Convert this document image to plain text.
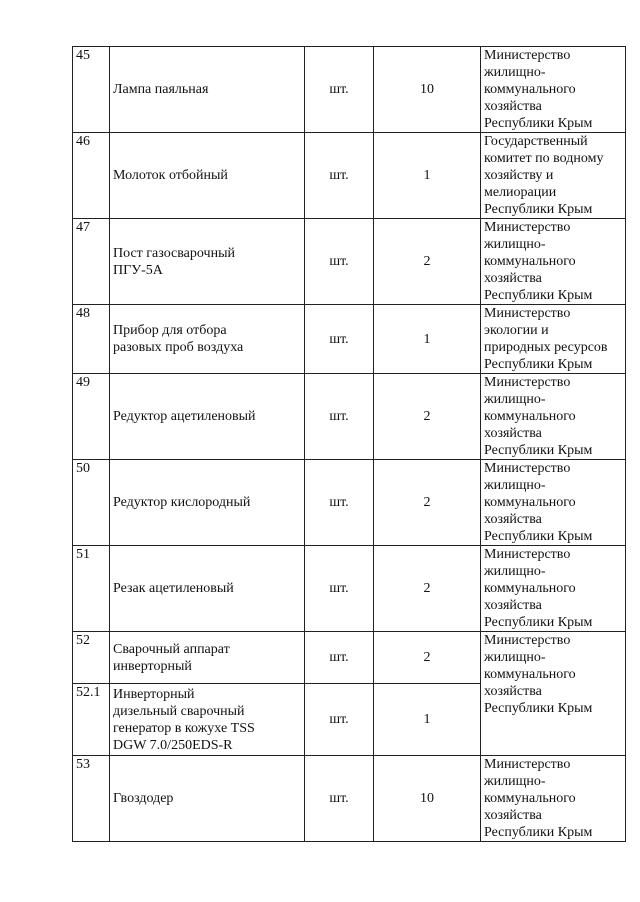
45	Лампа паяльная	шт.	10	Министерство
жилищно-
коммунального
хозяйства
Республики Крым

46	Молоток отбойный	шт.	1	Государственный
комитет по водному
хозяйству и
мелиорации
Республики Крым

47	Пост газосварочный
ПГУ-5А	шт.	2	Министерство
жилищно-
коммунального
хозяйства
Республики Крым

48	Прибор для отбора
разовых проб воздуха	шт.	1	Министерство
экологии и
природных ресурсов
Республики Крым

49	Редуктор ацетиленовый	шт.	2	Министерство
жилищно-
коммунального
хозяйства
Республики Крым

50	Редуктор кислородный	шт.	2	Министерство
жилищно-
коммунального
хозяйства
Республики Крым

51	Резак ацетиленовый	шт.	2	Министерство
жилищно-
коммунального
хозяйства
Республики Крым

52	Сварочный аппарат
инверторный	шт.	2	Министерство
жилищно-
коммунального
хозяйства
Республики Крым

52.1	Инверторный
дизельный сварочный
генератор в кожухе TSS
DGW 7.0/250EDS-R	шт.	1	
53	Гвоздодер	шт.	10	Министерство
жилищно-
коммунального
хозяйства
Республики Крым
